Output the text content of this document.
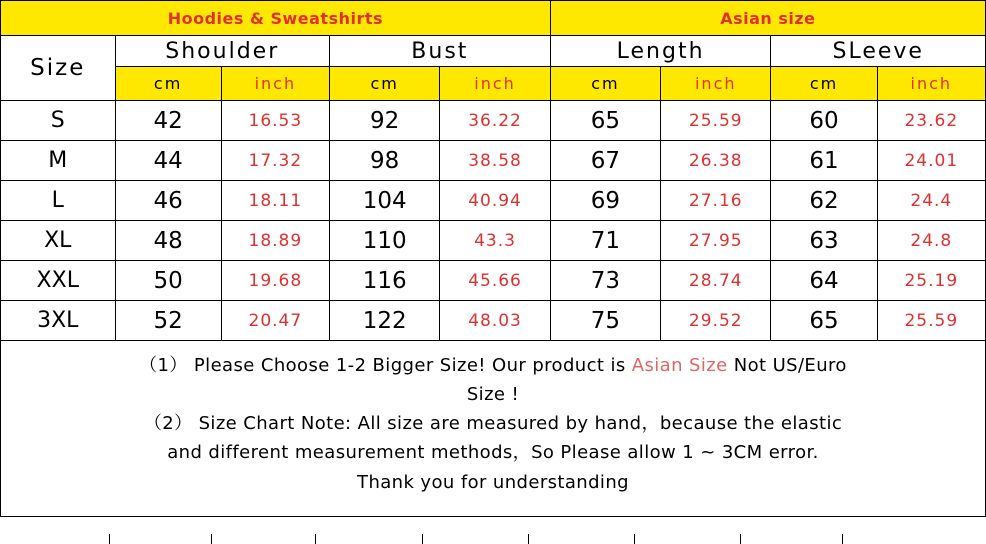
Hoodies & Sweatshirts					Asian size			
Size	Shoulder		Bust		Length		SLeeve	
	cm	inch	cm	inch	cm	inch	cm	inch
S	42	16.53	92	36.22	65	25.59	60	23.62
M	44	17.32	98	38.58	67	26.38	61	24.01
L	46	18.11	104	40.94	69	27.16	62	24.4
XL	48	18.89	110	43.3	71	27.95	63	24.8
XXL	50	19.68	116	45.66	73	28.74	64	25.19
3XL	52	20.47	122	48.03	75	29.52	65	25.59
（1） Please Choose 1-2 Bigger Size! Our product is Asian Size Not US/Euro
Size !
（2） Size Chart Note: All size are measured by hand，because the elastic
and different measurement methods，So Please allow 1 ~ 3CM error.
Thank you for understanding
